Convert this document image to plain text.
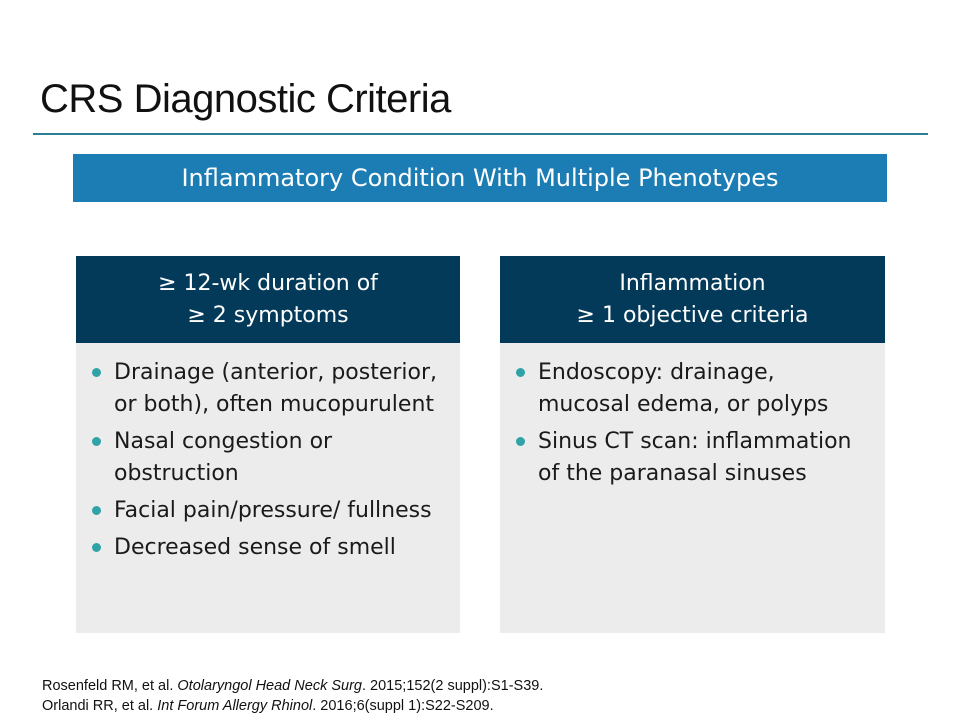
CRS Diagnostic Criteria
Inflammatory Condition With Multiple Phenotypes
≥ 12-wk duration of
≥ 2 symptoms
Drainage (anterior, posterior, or both), often mucopurulent
Nasal congestion or obstruction
Facial pain/pressure/ fullness
Decreased sense of smell
Inflammation
≥ 1 objective criteria
Endoscopy: drainage, mucosal edema, or polyps
Sinus CT scan: inflammation of the paranasal sinuses
Rosenfeld RM, et al. Otolaryngol Head Neck Surg. 2015;152(2 suppl):S1-S39.
Orlandi RR, et al. Int Forum Allergy Rhinol. 2016;6(suppl 1):S22-S209.
